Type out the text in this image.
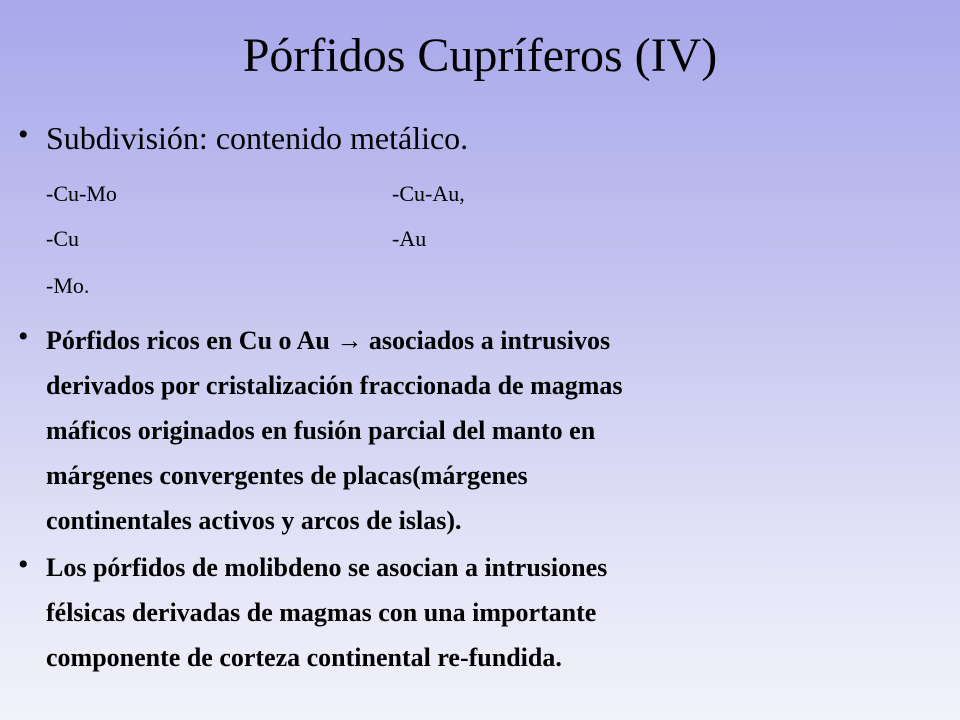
Pórfidos Cupríferos (IV)
• Subdivisión: contenido metálico.
-Cu-Mo	-Cu-Au,
-Cu	-Au
-Mo.
• Pórfidos ricos en Cu o Au → asociados a intrusivos
derivados por cristalización fraccionada de magmas
máficos originados en fusión parcial del manto en
márgenes convergentes de placas(márgenes
continentales activos y arcos de islas).
• Los pórfidos de molibdeno se asocian a intrusiones
félsicas derivadas de magmas con una importante
componente de corteza continental re-fundida.
